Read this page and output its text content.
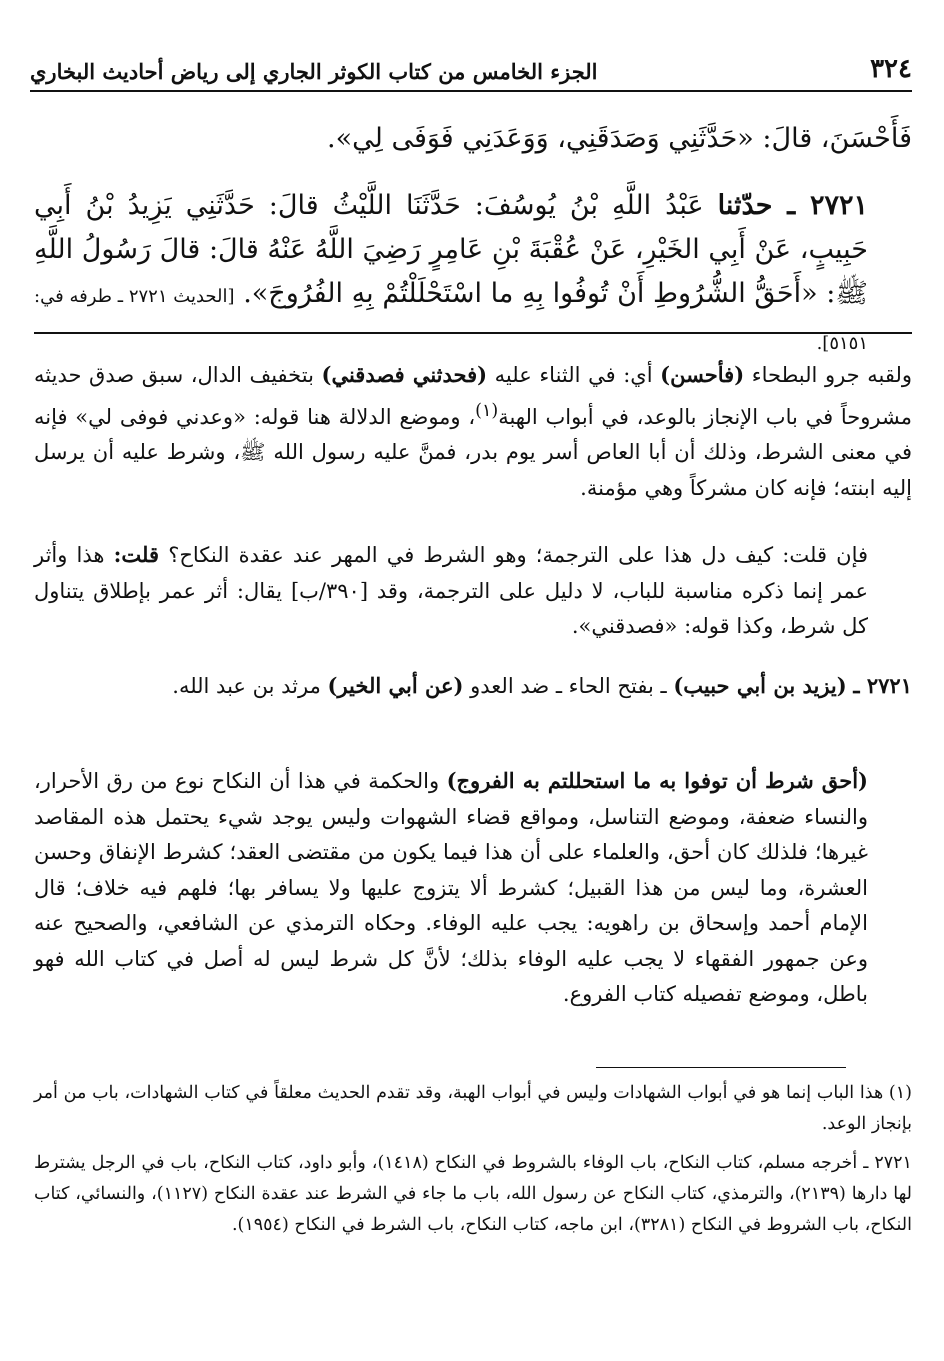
٣٢٤
الجزء الخامس من كتاب الكوثر الجاري إلى رياض أحاديث البخاري
فَأَحْسَنَ، قالَ: «حَدَّثَنِي وَصَدَقَنِي، وَوَعَدَنِي فَوَفَى لِي».
٢٧٢١ ـ حدّثنا عَبْدُ اللَّهِ بْنُ يُوسُفَ: حَدَّثَنَا اللَّيْثُ قالَ: حَدَّثَنِي يَزِيدُ بْنُ أَبِي حَبِيبٍ، عَنْ أَبِي الخَيْرِ، عَنْ عُقْبَةَ بْنِ عَامِرٍ رَضِيَ اللَّهُ عَنْهُ قالَ: قالَ رَسُولُ اللَّهِ ﷺ: «أَحَقُّ الشُّرُوطِ أَنْ تُوفُوا بِهِ ما اسْتَحْلَلْتُمْ بِهِ الفُرُوجَ». [الحديث ٢٧٢١ ـ طرفه في: ٥١٥١].
ولقبه جرو البطحاء (فأحسن) أي: في الثناء عليه (فحدثني فصدقني) بتخفيف الدال، سبق صدق حديثه مشروحاً في باب الإنجاز بالوعد، في أبواب الهبة$^{(١)}$، وموضع الدلالة هنا قوله: «وعدني فوفى لي» فإنه في معنى الشرط، وذلك أن أبا العاص أسر يوم بدر، فمنَّ عليه رسول الله ﷺ، وشرط عليه أن يرسل إليه ابنته؛ فإنه كان مشركاً وهي مؤمنة.
فإن قلت: كيف دل هذا على الترجمة؛ وهو الشرط في المهر عند عقدة النكاح؟ قلت: هذا وأثر عمر إنما ذكره مناسبة للباب، لا دليل على الترجمة، وقد [٣٩٠/ب] يقال: أثر عمر بإطلاق يتناول كل شرط، وكذا قوله: «فصدقني».
٢٧٢١ ـ (يزيد بن أبي حبيب) ـ بفتح الحاء ـ ضد العدو (عن أبي الخير) مرثد بن عبد الله.
(أحق شرط أن توفوا به ما استحللتم به الفروج) والحكمة في هذا أن النكاح نوع من رق الأحرار، والنساء ضعفة، وموضع التناسل، ومواقع قضاء الشهوات وليس يوجد شيء يحتمل هذه المقاصد غيرها؛ فلذلك كان أحق، والعلماء على أن هذا فيما يكون من مقتضى العقد؛ كشرط الإنفاق وحسن العشرة، وما ليس من هذا القبيل؛ كشرط ألا يتزوج عليها ولا يسافر بها؛ فلهم فيه خلاف؛ قال الإمام أحمد وإسحاق بن راهويه: يجب عليه الوفاء. وحكاه الترمذي عن الشافعي، والصحيح عنه وعن جمهور الفقهاء لا يجب عليه الوفاء بذلك؛ لأنَّ كل شرط ليس له أصل في كتاب الله فهو باطل، وموضع تفصيله كتاب الفروع.
(١) هذا الباب إنما هو في أبواب الشهادات وليس في أبواب الهبة، وقد تقدم الحديث معلقاً في كتاب الشهادات، باب من أمر بإنجاز الوعد.
٢٧٢١ ـ أخرجه مسلم، كتاب النكاح، باب الوفاء بالشروط في النكاح (١٤١٨)، وأبو داود، كتاب النكاح، باب في الرجل يشترط لها دارها (٢١٣٩)، والترمذي، كتاب النكاح عن رسول الله، باب ما جاء في الشرط عند عقدة النكاح (١١٢٧)، والنسائي، كتاب النكاح، باب الشروط في النكاح (٣٢٨١)، ابن ماجه، كتاب النكاح، باب الشرط في النكاح (١٩٥٤).
